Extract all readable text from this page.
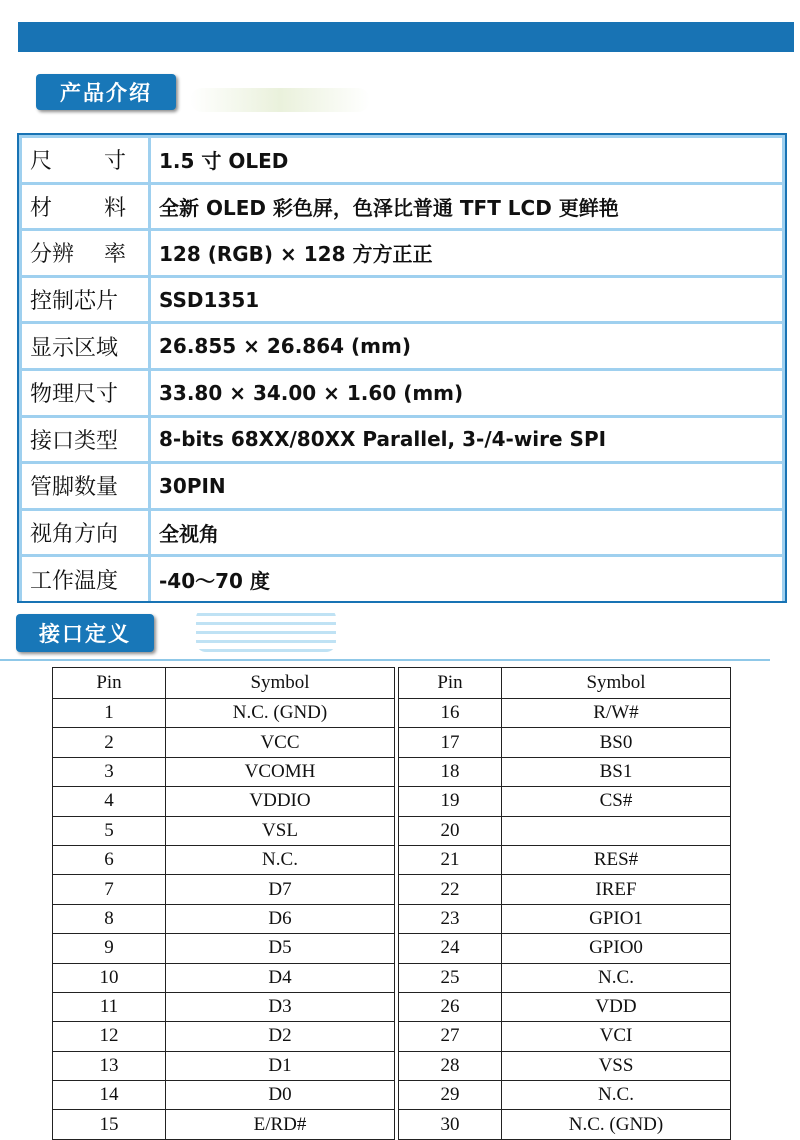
产品介绍
尺 寸	1.5 寸 OLED

材 料	全新 OLED 彩色屏，色泽比普通 TFT LCD 更鲜艳

分辨 率	128 (RGB) × 128 方方正正
控制芯片	SSD1351
显示区域	26.855 × 26.864 (mm)
物理尺寸	33.80 × 34.00 × 1.60 (mm)
接口类型	8-bits 68XX/80XX Parallel, 3-/4-wire SPI
管脚数量	30PIN
视角方向	全视角
工作温度	-40～70 度
接口定义
Pin	Symbol
1	N.C. (GND)
2	VCC
3	VCOMH
4	VDDIO
5	VSL
6	N.C.
7	D7
8	D6
9	D5
10	D4
11	D3
12	D2
13	D1
14	D0
15	E/RD#
Pin	Symbol
16	R/W#
17	BS0
18	BS1
19	CS#
20	
21	RES#
22	IREF
23	GPIO1
24	GPIO0
25	N.C.
26	VDD
27	VCI
28	VSS
29	N.C.
30	N.C. (GND)
